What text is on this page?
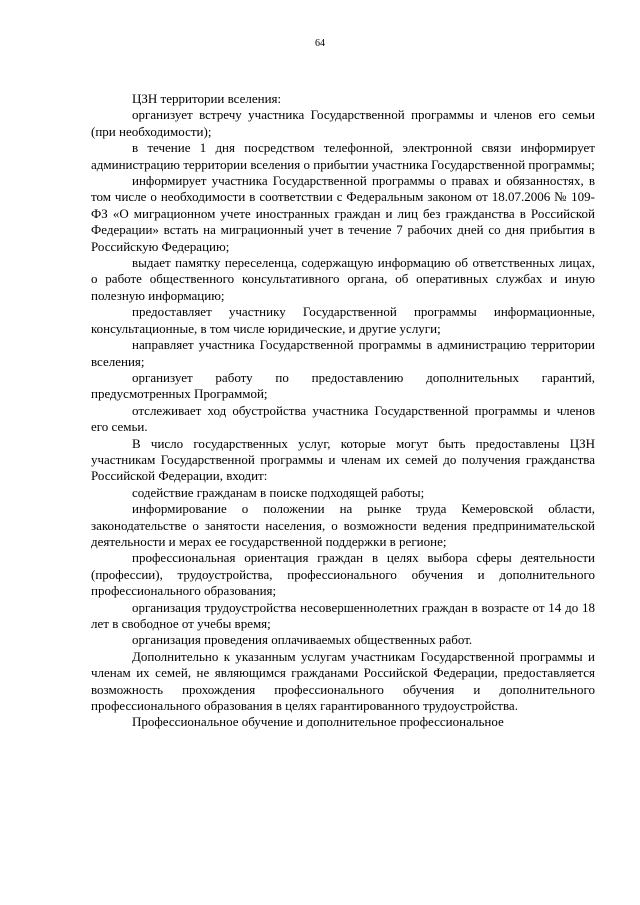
64

ЦЗН территории вселения:

организует встречу участника Государственной программы и членов его семьи (при необходимости);

в течение 1 дня посредством телефонной, электронной связи информирует администрацию территории вселения о прибытии участника Государственной программы;

информирует участника Государственной программы о правах и обязанностях, в том числе о необходимости в соответствии с Федеральным законом от 18.07.2006 № 109-ФЗ «О миграционном учете иностранных граждан и лиц без гражданства в Российской Федерации» встать на миграционный учет в течение 7 рабочих дней со дня прибытия в Российскую Федерацию;

выдает памятку переселенца, содержащую информацию об ответственных лицах, о работе общественного консультативного органа, об оперативных службах и иную полезную информацию;

предоставляет участнику Государственной программы информационные, консультационные, в том числе юридические, и другие услуги;

направляет участника Государственной программы в администрацию территории вселения;

организует работу по предоставлению дополнительных гарантий, предусмотренных Программой;

отслеживает ход обустройства участника Государственной программы и членов его семьи.

В число государственных услуг, которые могут быть предоставлены ЦЗН участникам Государственной программы и членам их семей до получения гражданства Российской Федерации, входит:

содействие гражданам в поиске подходящей работы;

информирование о положении на рынке труда Кемеровской области, законодательстве о занятости населения, о возможности ведения предпринимательской деятельности и мерах ее государственной поддержки в регионе;

профессиональная ориентация граждан в целях выбора сферы деятельности (профессии), трудоустройства, профессионального обучения и дополнительного профессионального образования;

организация трудоустройства несовершеннолетних граждан в возрасте от 14 до 18 лет в свободное от учебы время;

организация проведения оплачиваемых общественных работ.

Дополнительно к указанным услугам участникам Государственной программы и членам их семей, не являющимся гражданами Российской Федерации, предоставляется возможность прохождения профессионального обучения и дополнительного профессионального образования в целях гарантированного трудоустройства.

Профессиональное обучение и дополнительное профессиональное
